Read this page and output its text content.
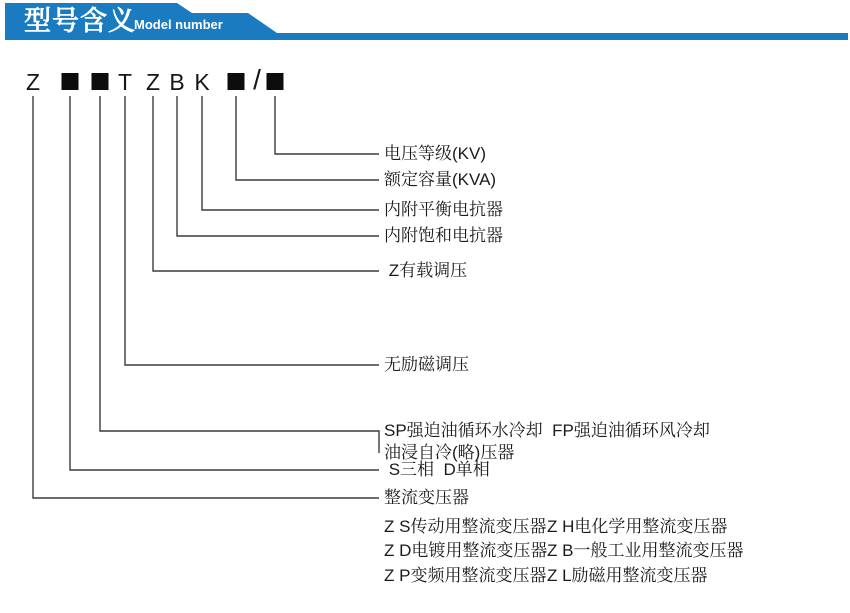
型号含义
Model number
Z	T Z B K /
整流变压器
S三相  D单相
SP强迫油循环水冷却  FP强迫油循环风冷却
油浸自冷(略)压器
无励磁调压
Z有载调压
内附饱和电抗器
内附平衡电抗器
额定容量(KVA)
电压等级(KV)
Z S传动用整流变压器Z H电化学用整流变压器
Z D电镀用整流变压器Z B一般工业用整流变压器
Z P变频用整流变压器Z L励磁用整流变压器
